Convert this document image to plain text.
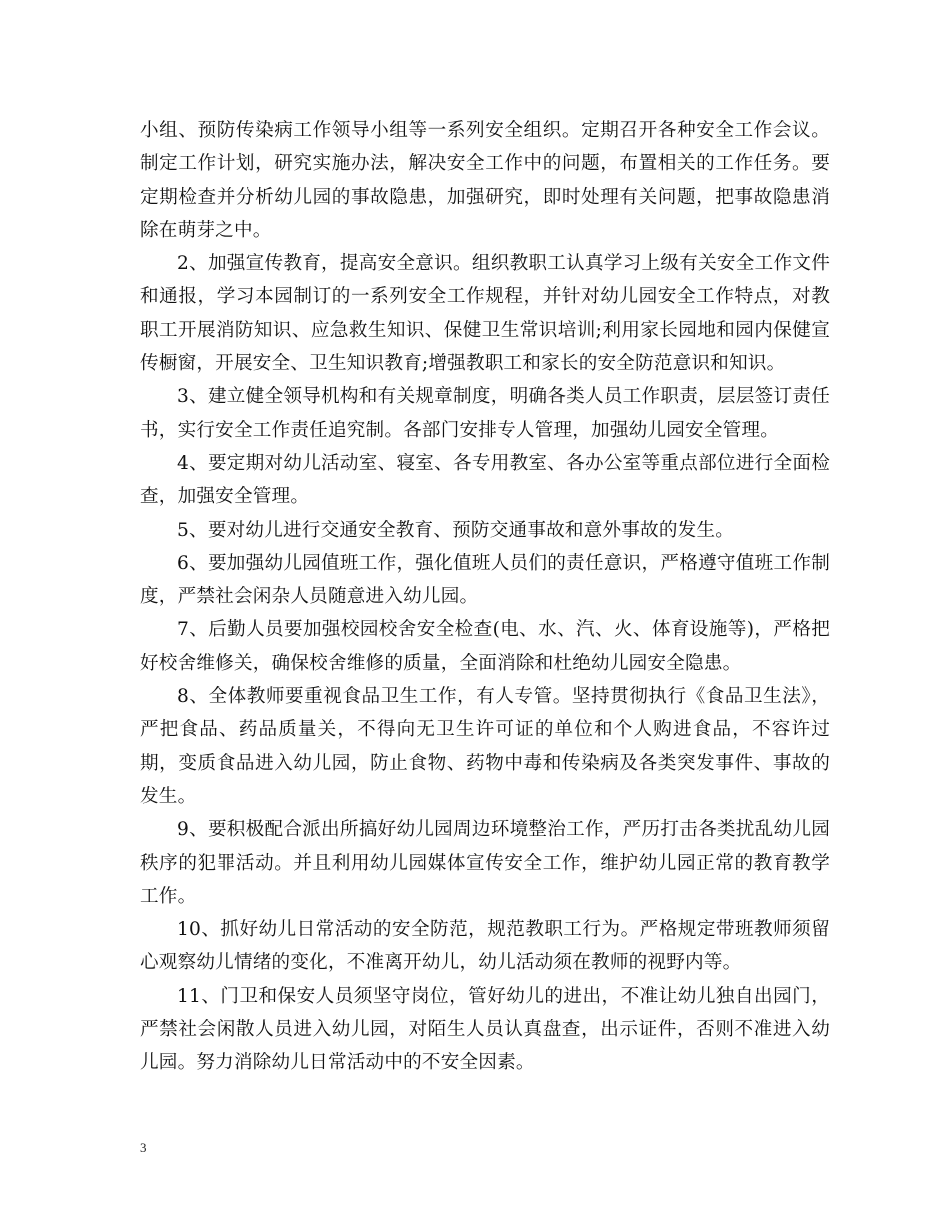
小组、预防传染病工作领导小组等一系列安全组织。定期召开各种安全工作会议。制定工作计划，研究实施办法，解决安全工作中的问题，布置相关的工作任务。要定期检查并分析幼儿园的事故隐患，加强研究，即时处理有关问题，把事故隐患消除在萌芽之中。

2、加强宣传教育，提高安全意识。组织教职工认真学习上级有关安全工作文件和通报，学习本园制订的一系列安全工作规程，并针对幼儿园安全工作特点，对教职工开展消防知识、应急救生知识、保健卫生常识培训;利用家长园地和园内保健宣传橱窗，开展安全、卫生知识教育;增强教职工和家长的安全防范意识和知识。

3、建立健全领导机构和有关规章制度，明确各类人员工作职责，层层签订责任书，实行安全工作责任追究制。各部门安排专人管理，加强幼儿园安全管理。

4、要定期对幼儿活动室、寝室、各专用教室、各办公室等重点部位进行全面检查，加强安全管理。

5、要对幼儿进行交通安全教育、预防交通事故和意外事故的发生。

6、要加强幼儿园值班工作，强化值班人员们的责任意识，严格遵守值班工作制度，严禁社会闲杂人员随意进入幼儿园。

7、后勤人员要加强校园校舍安全检查(电、水、汽、火、体育设施等)，严格把好校舍维修关，确保校舍维修的质量，全面消除和杜绝幼儿园安全隐患。

8、全体教师要重视食品卫生工作，有人专管。坚持贯彻执行《食品卫生法》，严把食品、药品质量关，不得向无卫生许可证的单位和个人购进食品，不容许过期，变质食品进入幼儿园，防止食物、药物中毒和传染病及各类突发事件、事故的发生。

9、要积极配合派出所搞好幼儿园周边环境整治工作，严历打击各类扰乱幼儿园秩序的犯罪活动。并且利用幼儿园媒体宣传安全工作，维护幼儿园正常的教育教学工作。

10、抓好幼儿日常活动的安全防范，规范教职工行为。严格规定带班教师须留心观察幼儿情绪的变化，不准离开幼儿，幼儿活动须在教师的视野内等。

11、门卫和保安人员须坚守岗位，管好幼儿的进出，不准让幼儿独自出园门，严禁社会闲散人员进入幼儿园，对陌生人员认真盘查，出示证件，否则不准进入幼儿园。努力消除幼儿日常活动中的不安全因素。

3
